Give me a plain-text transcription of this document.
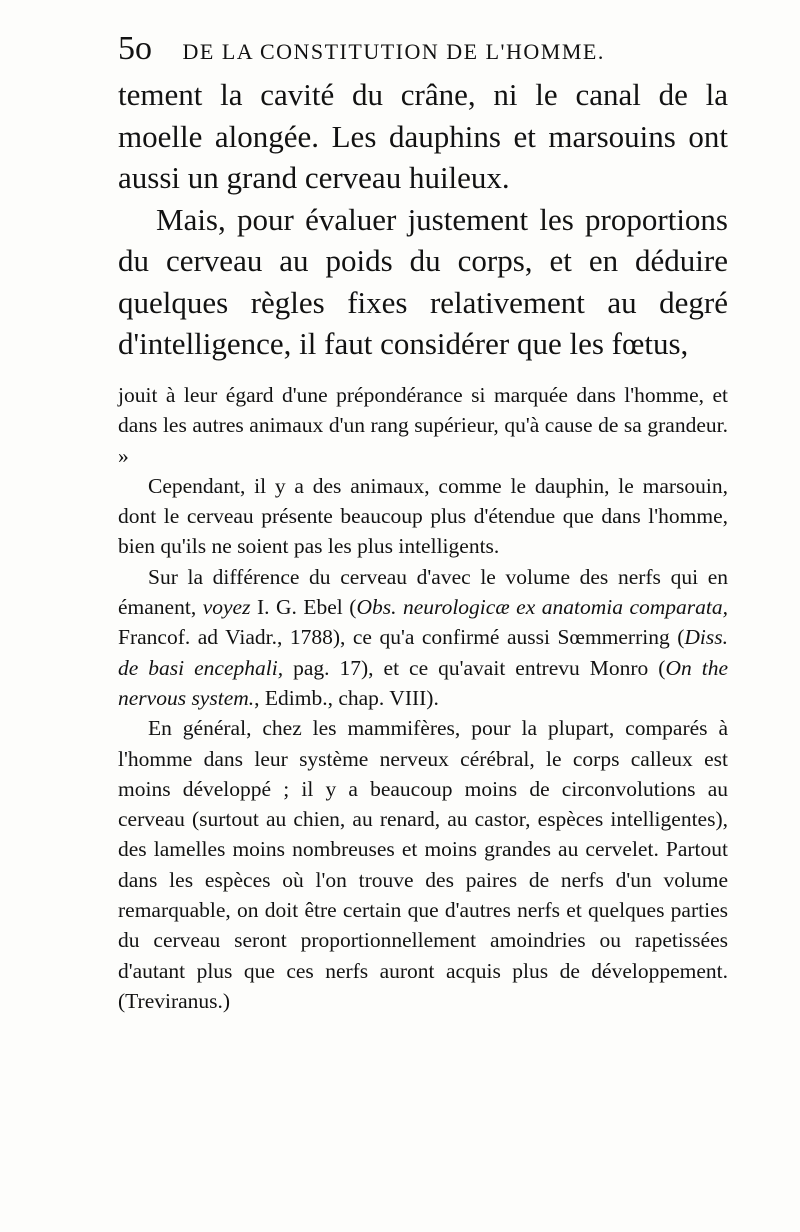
5o DE LA CONSTITUTION DE L'HOMME.

tement la cavité du crâne, ni le canal de la moelle alongée. Les dauphins et marsouins ont aussi un grand cerveau huileux.

Mais, pour évaluer justement les proportions du cerveau au poids du corps, et en déduire quelques règles fixes relativement au degré d'intelligence, il faut considérer que les fœtus,

jouit à leur égard d'une prépondérance si marquée dans l'homme, et dans les autres animaux d'un rang supérieur, qu'à cause de sa grandeur. »

Cependant, il y a des animaux, comme le dauphin, le marsouin, dont le cerveau présente beaucoup plus d'étendue que dans l'homme, bien qu'ils ne soient pas les plus intelligents.

Sur la différence du cerveau d'avec le volume des nerfs qui en émanent, voyez I. G. Ebel (Obs. neurologicæ ex anatomia comparata, Francof. ad Viadr., 1788), ce qu'a confirmé aussi Sœmmerring (Diss. de basi encephali, pag. 17), et ce qu'avait entrevu Monro (On the nervous system., Edimb., chap. VIII).

En général, chez les mammifères, pour la plupart, comparés à l'homme dans leur système nerveux cérébral, le corps calleux est moins développé ; il y a beaucoup moins de circonvolutions au cerveau (surtout au chien, au renard, au castor, espèces intelligentes), des lamelles moins nombreuses et moins grandes au cervelet. Partout dans les espèces où l'on trouve des paires de nerfs d'un volume remarquable, on doit être certain que d'autres nerfs et quelques parties du cerveau seront proportionnellement amoindries ou rapetissées d'autant plus que ces nerfs auront acquis plus de développement. (Treviranus.)
